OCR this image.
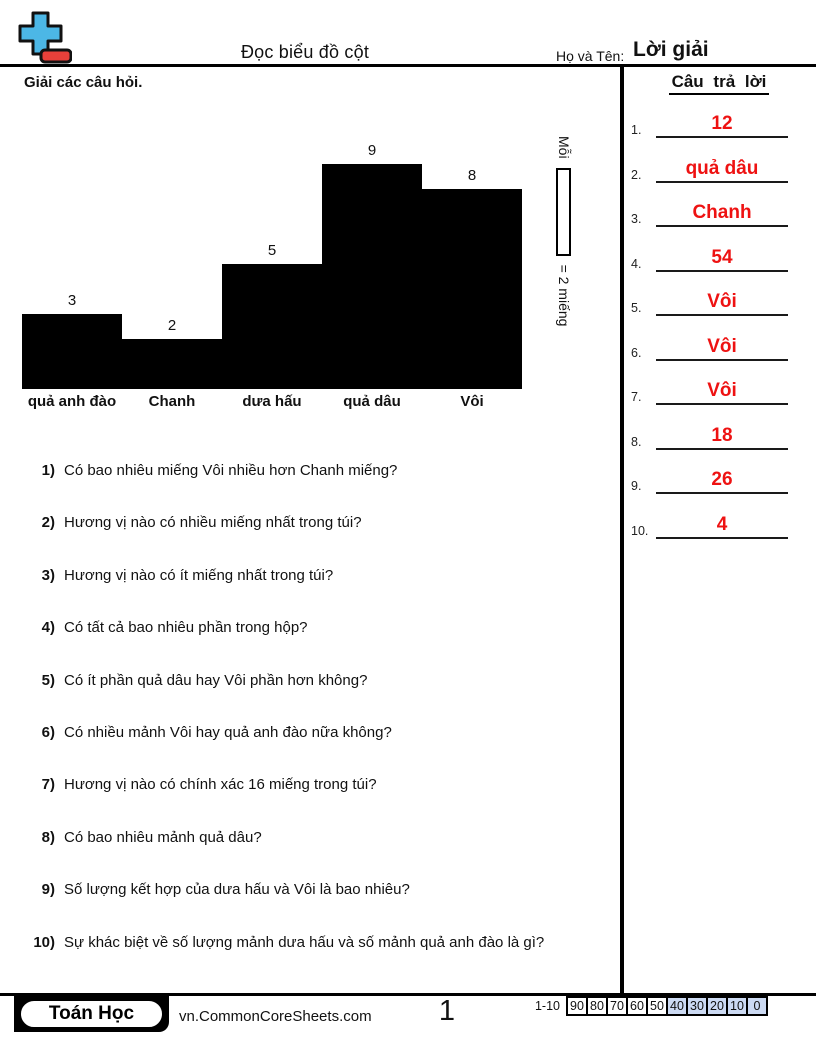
Đọc biểu đồ cột	Họ và Tên: Lời giải
Giải các câu hỏi.
3
2
5
9
8
quả anh đào	Chanh	dưa hấu	quả dâu	Vôi
Mỗi
= 2 miếng
Câu trả lời
1.	12
2.	quả dâu
3.	Chanh
4.	54
5.	Vôi
6.	Vôi
7.	Vôi
8.	18
9.	26
10.	4
1) Có bao nhiêu miếng Vôi nhiều hơn Chanh miếng?
2) Hương vị nào có nhiều miếng nhất trong túi?
3) Hương vị nào có ít miếng nhất trong túi?
4) Có tất cả bao nhiêu phần trong hộp?
5) Có ít phần quả dâu hay Vôi phần hơn không?
6) Có nhiều mảnh Vôi hay quả anh đào nữa không?
7) Hương vị nào có chính xác 16 miếng trong túi?
8) Có bao nhiêu mảnh quả dâu?
9) Số lượng kết hợp của dưa hấu và Vôi là bao nhiêu?
10) Sự khác biệt về số lượng mảnh dưa hấu và số mảnh quả anh đào là gì?
Toán Học	vn.CommonCoreSheets.com	1	1-10 90 80 70 60 50 40 30 20 10 0
